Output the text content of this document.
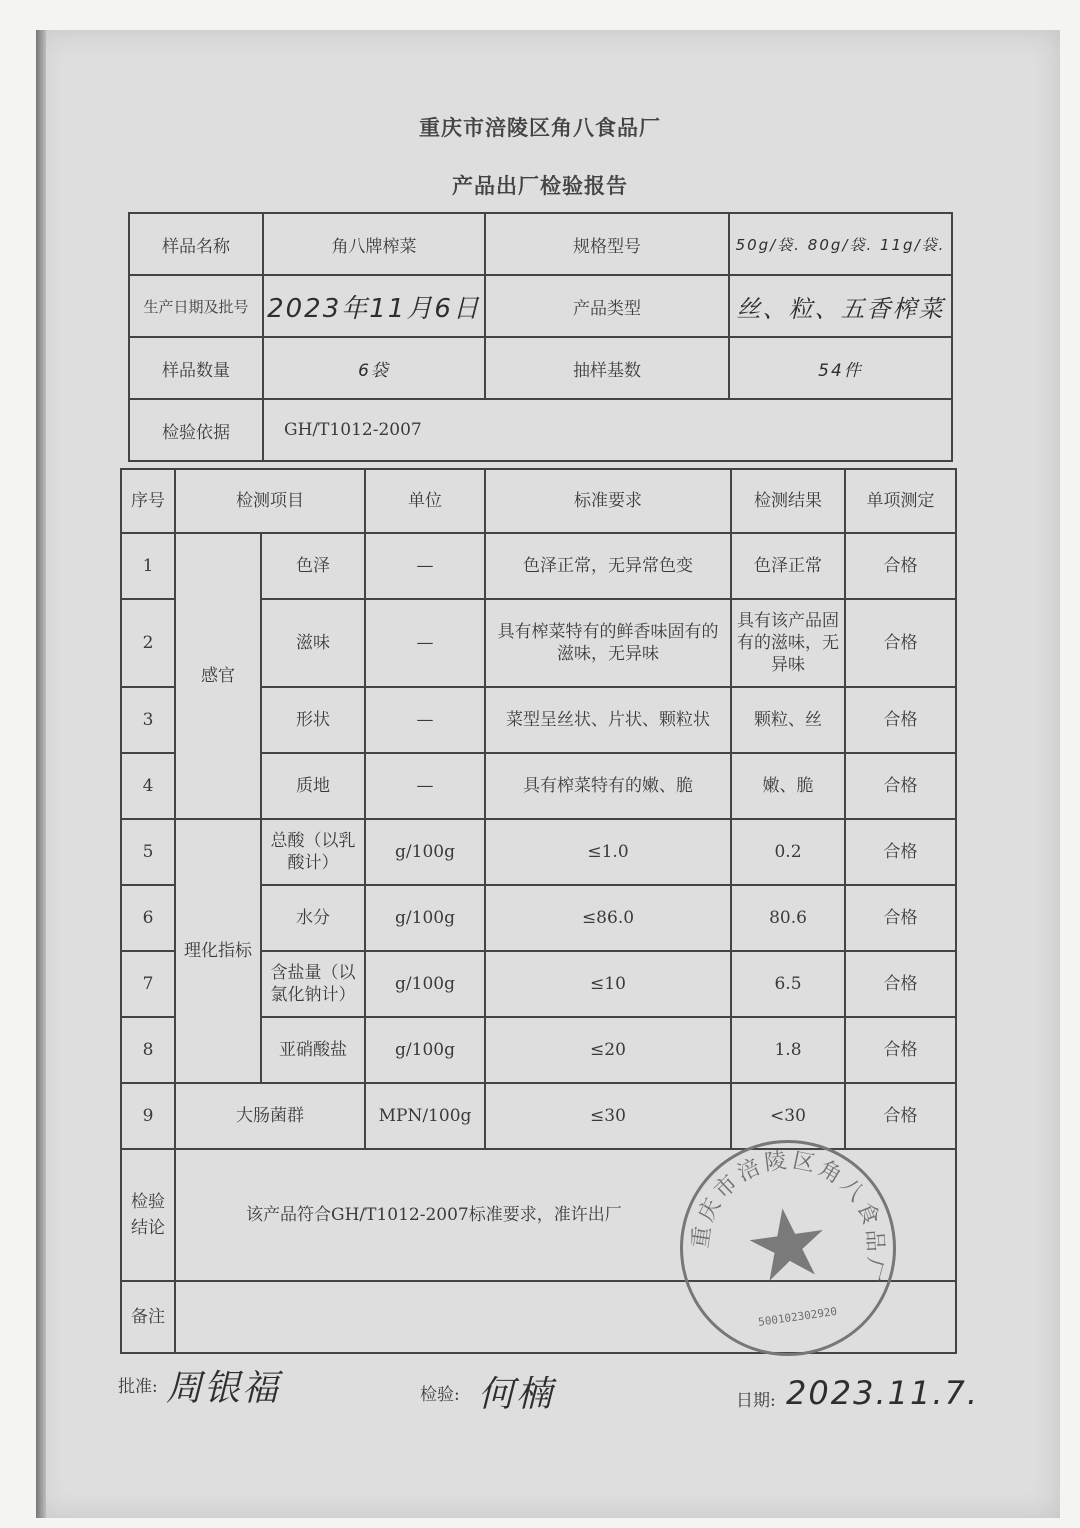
重庆市涪陵区角八食品厂
产品出厂检验报告
样品名称	角八牌榨菜	规格型号	50g/袋. 80g/袋. 11g/袋.
生产日期及批号	2023年11月6日	产品类型	丝、粒、五香榨菜
样品数量	6袋	抽样基数	54件
检验依据	GH/T1012-2007		
序号	检测项目		单位	标准要求	检测结果	单项测定
1	感官	色泽	—	色泽正常，无异常色变	色泽正常	合格
2		滋味	—	具有榨菜特有的鲜香味固有的滋味，无异味	具有该产品固有的滋味，无异味	合格
3		形状	—	菜型呈丝状、片状、颗粒状	颗粒、丝	合格
4		质地	—	具有榨菜特有的嫩、脆	嫩、脆	合格
5	理化指标	总酸（以乳酸计）	g/100g	≤1.0	0.2	合格
6		水分	g/100g	≤86.0	80.6	合格
7		含盐量（以氯化钠计）	g/100g	≤10	6.5	合格
8		亚硝酸盐	g/100g	≤20	1.8	合格
9	大肠菌群		MPN/100g	≤30	<30	合格
检验结论	该产品符合GH/T1012-2007标准要求，准许出厂					
备注						
重庆市涪陵区角八食品厂
500102302920
批准: 周银福	检验: 何楠	日期: 2023.11.7.
